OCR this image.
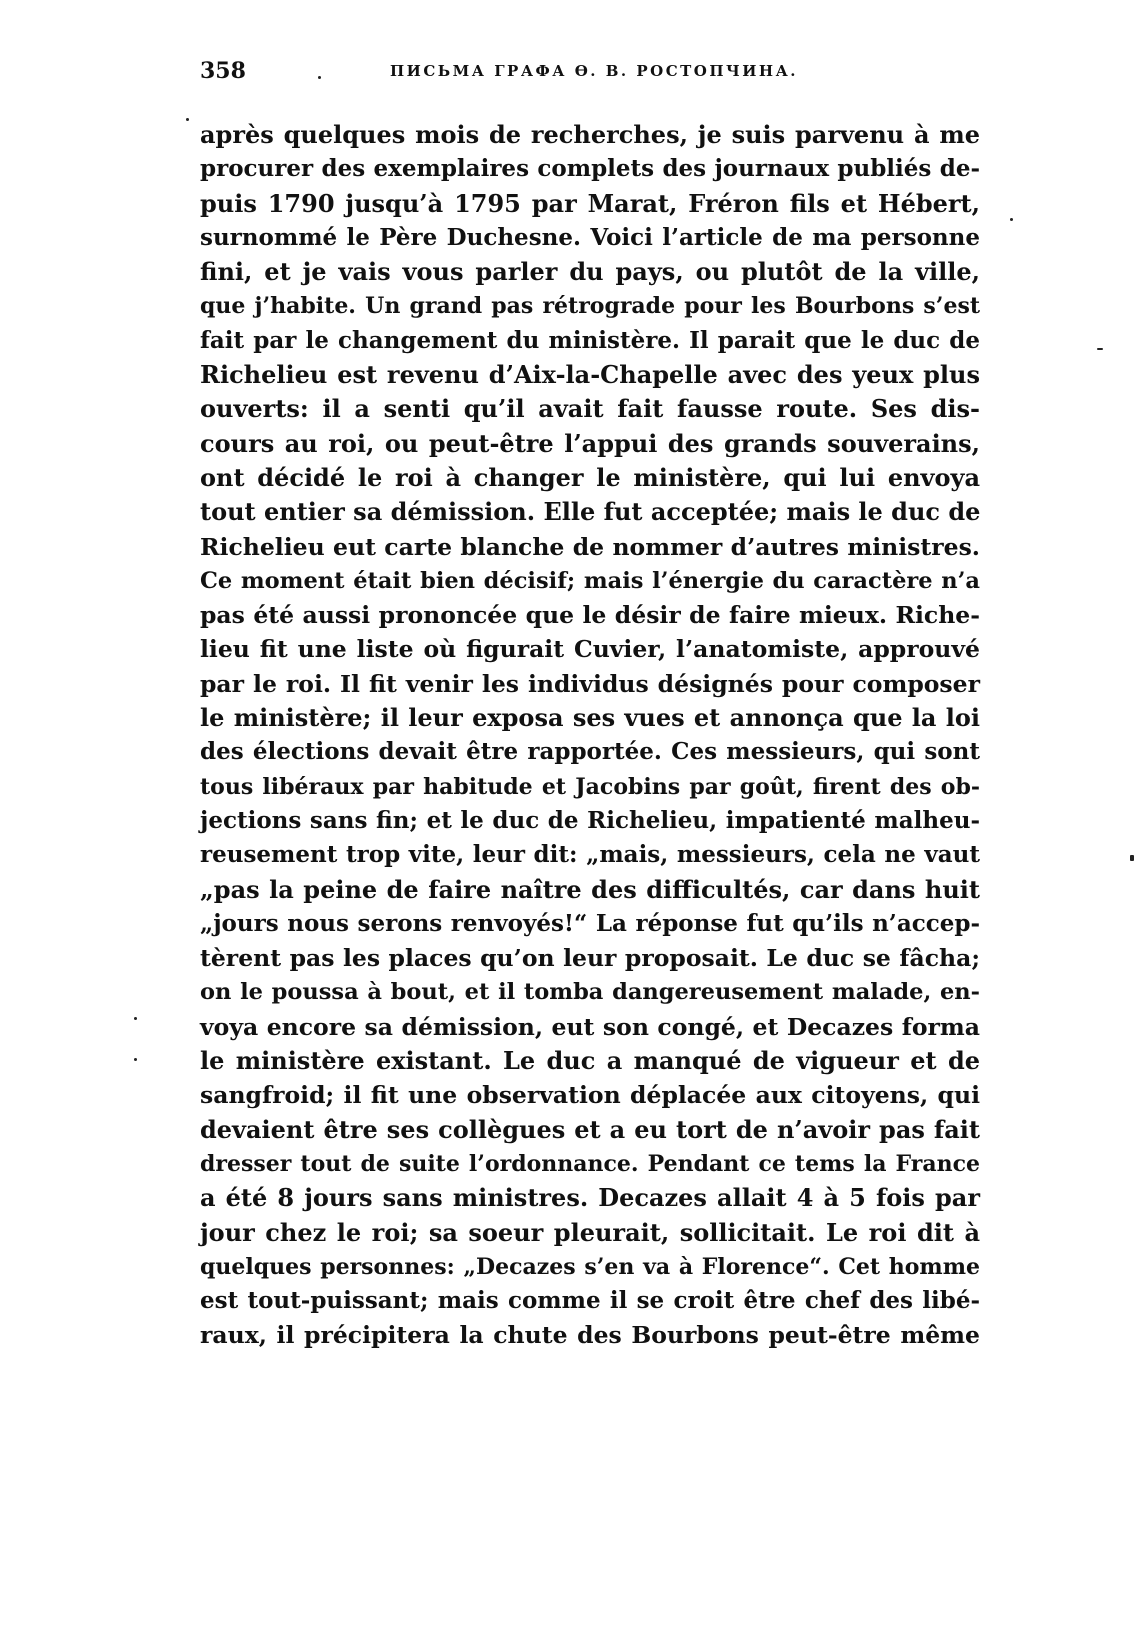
358	ПИСЬМА ГРАФА Ө. В. РОСТОПЧИНА.
après quelques mois de recherches, je suis parvenu à me
procurer des exemplaires complets des journaux publiés de-
puis 1790 jusqu’à 1795 par Marat, Fréron fils et Hébert,
surnommé le Père Duchesne. Voici l’article de ma personne
fini, et je vais vous parler du pays, ou plutôt de la ville,
que j’habite. Un grand pas rétrograde pour les Bourbons s’est
fait par le changement du ministère. Il parait que le duc de
Richelieu est revenu d’Aix-la-Chapelle avec des yeux plus
ouverts: il a senti qu’il avait fait fausse route. Ses dis-
cours au roi, ou peut-être l’appui des grands souverains,
ont décidé le roi à changer le ministère, qui lui envoya
tout entier sa démission. Elle fut acceptée; mais le duc de
Richelieu eut carte blanche de nommer d’autres ministres.
Ce moment était bien décisif; mais l’énergie du caractère n’a
pas été aussi prononcée que le désir de faire mieux. Riche-
lieu fit une liste où figurait Cuvier, l’anatomiste, approuvé
par le roi. Il fit venir les individus désignés pour composer
le ministère; il leur exposa ses vues et annonça que la loi
des élections devait être rapportée. Ces messieurs, qui sont
tous libéraux par habitude et Jacobins par goût, firent des ob-
jections sans fin; et le duc de Richelieu, impatienté malheu-
reusement trop vite, leur dit: „mais, messieurs, cela ne vaut
„pas la peine de faire naître des difficultés, car dans huit
„jours nous serons renvoyés!“ La réponse fut qu’ils n’accep-
tèrent pas les places qu’on leur proposait. Le duc se fâcha;
on le poussa à bout, et il tomba dangereusement malade, en-
voya encore sa démission, eut son congé, et Decazes forma
le ministère existant. Le duc a manqué de vigueur et de
sangfroid; il fit une observation déplacée aux citoyens, qui
devaient être ses collègues et a eu tort de n’avoir pas fait
dresser tout de suite l’ordonnance. Pendant ce tems la France
a été 8 jours sans ministres. Decazes allait 4 à 5 fois par
jour chez le roi; sa soeur pleurait, sollicitait. Le roi dit à
quelques personnes: „Decazes s’en va à Florence“. Cet homme
est tout-puissant; mais comme il se croit être chef des libé-
raux, il précipitera la chute des Bourbons peut-être même
